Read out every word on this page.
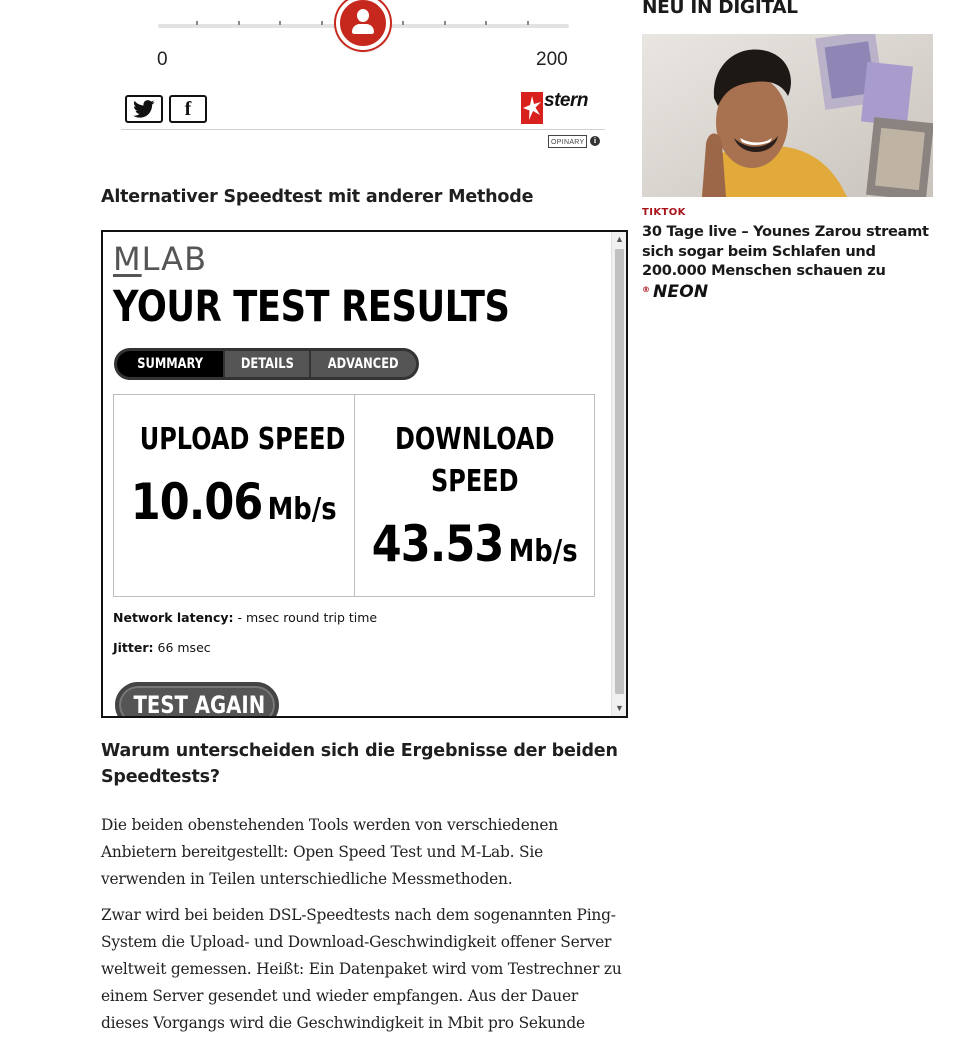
0	200
f	stern
OPINARY	i
Alternativer Speedtest mit anderer Methode
MLAB
YOUR TEST RESULTS
SUMMARY	DETAILS ADVANCED
UPLOAD SPEED
10.06 Mb/s
DOWNLOAD
SPEED
43.53 Mb/s
Network latency: - msec round trip time
Jitter: 66 msec
TEST AGAIN
▲
▼
Warum unterscheiden sich die Ergebnisse der beiden Speedtests?

Die beiden obenstehenden Tools werden von verschiedenen Anbietern bereitgestellt: Open Speed Test und M-Lab. Sie verwenden in Teilen unterschiedliche Messmethoden.

Zwar wird bei beiden DSL-Speedtests nach dem sogenannten Ping-System die Upload- und Download-Geschwindigkeit offener Server weltweit gemessen. Heißt: Ein Datenpaket wird vom Testrechner zu einem Server gesendet und wieder empfangen. Aus der Dauer dieses Vorgangs wird die Geschwindigkeit in Mbit pro Sekunde

NEU IN DIGITAL
TIKTOK
30 Tage live – Younes Zarou streamt sich sogar beim Schlafen und 200.000 Menschen schauen zu
® NEON
